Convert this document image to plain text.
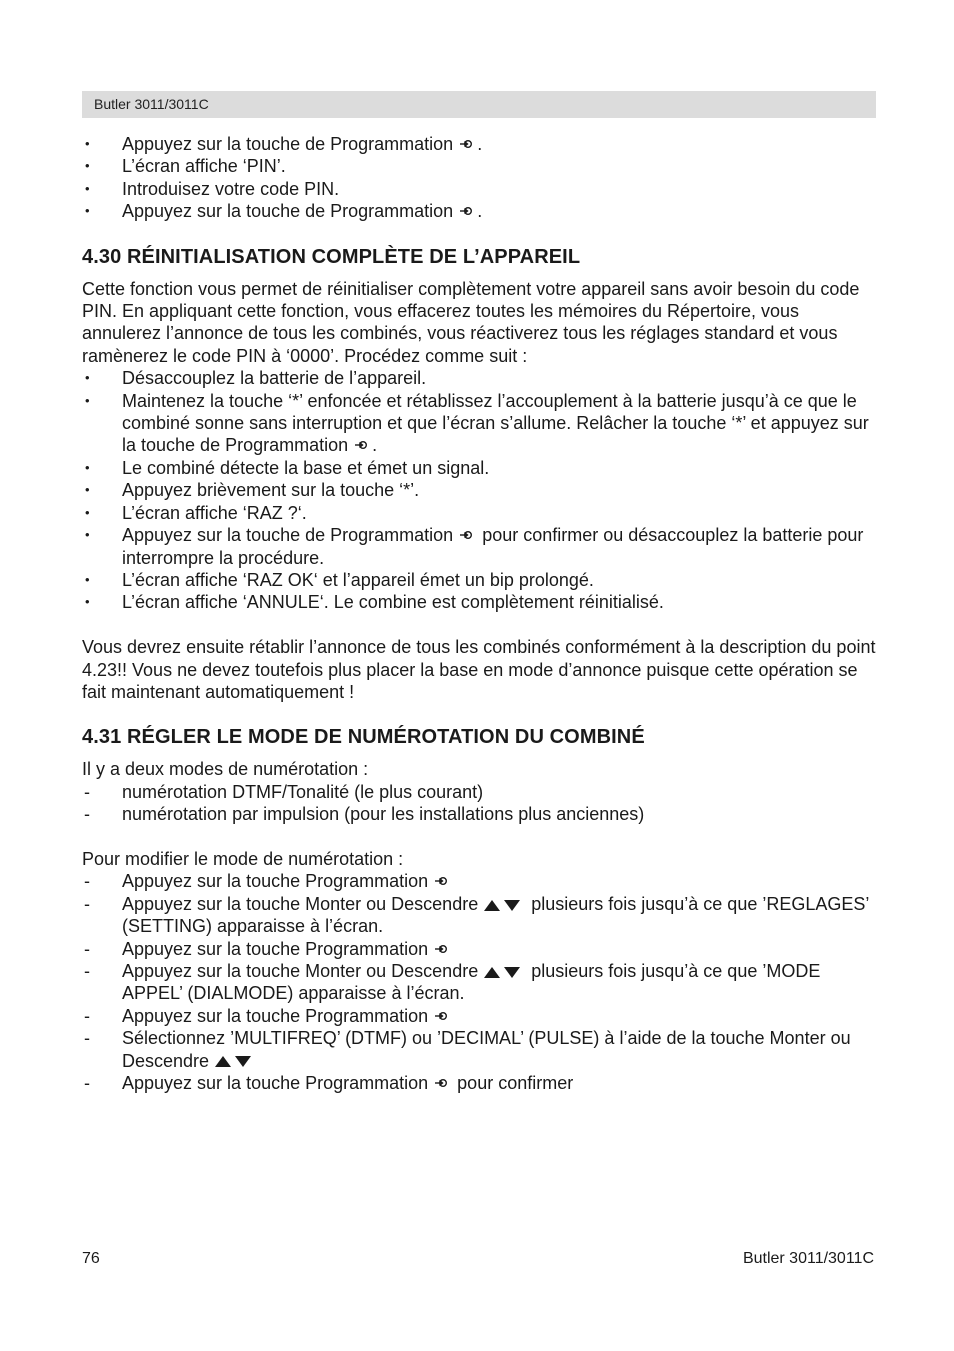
Butler 3011/3011C
• Appuyez sur la touche de Programmation .
• L’écran affiche ‘PIN’.
• Introduisez votre code PIN.
• Appuyez sur la touche de Programmation .
4.30 RÉINITIALISATION COMPLÈTE DE L’APPAREIL

Cette fonction vous permet de réinitialiser complètement votre appareil sans avoir besoin du code PIN. En appliquant cette fonction, vous effacerez toutes les mémoires du Répertoire, vous annulerez l’annonce de tous les combinés, vous réactiverez tous les réglages standard et vous ramènerez le code PIN à ‘0000’. Procédez comme suit :

• Désaccouplez la batterie de l’appareil.
• Maintenez la touche ‘*’ enfoncée et rétablissez l’accouplement à la batterie jusqu’à ce que le combiné sonne sans interruption et que l’écran s’allume. Relâcher la touche ‘*’ et appuyez sur la touche de Programmation .
• Le combiné détecte la base et émet un signal.
• Appuyez brièvement sur la touche ‘*’.
• L’écran affiche ‘RAZ ?‘.
• Appuyez sur la touche de Programmation pour confirmer ou désaccouplez la batterie pour interrompre la procédure.
• L’écran affiche ‘RAZ OK‘ et l’appareil émet un bip prolongé.
• L’écran affiche ‘ANNULE‘. Le combine est complètement réinitialisé.

Vous devrez ensuite rétablir l’annonce de tous les combinés conformément à la description du point 4.23!! Vous ne devez toutefois plus placer la base en mode d’annonce puisque cette opération se fait maintenant automatiquement !

4.31 RÉGLER LE MODE DE NUMÉROTATION DU COMBINÉ

Il y a deux modes de numérotation :

- numérotation DTMF/Tonalité (le plus courant)
- numérotation par impulsion (pour les installations plus anciennes)

Pour modifier le mode de numérotation :

- Appuyez sur la touche Programmation
- Appuyez sur la touche Monter ou Descendre	plusieurs fois jusqu’à ce que ’REGLAGES’ (SETTING) apparaisse à l’écran.
- Appuyez sur la touche Programmation
- Appuyez sur la touche Monter ou Descendre	plusieurs fois jusqu’à ce que ’MODE APPEL’ (DIALMODE) apparaisse à l’écran.
- Appuyez sur la touche Programmation
- Sélectionnez ’MULTIFREQ’ (DTMF) ou ’DECIMAL’ (PULSE) à l’aide de la touche Monter ou Descendre
- Appuyez sur la touche Programmation pour confirmer
76	Butler 3011/3011C
